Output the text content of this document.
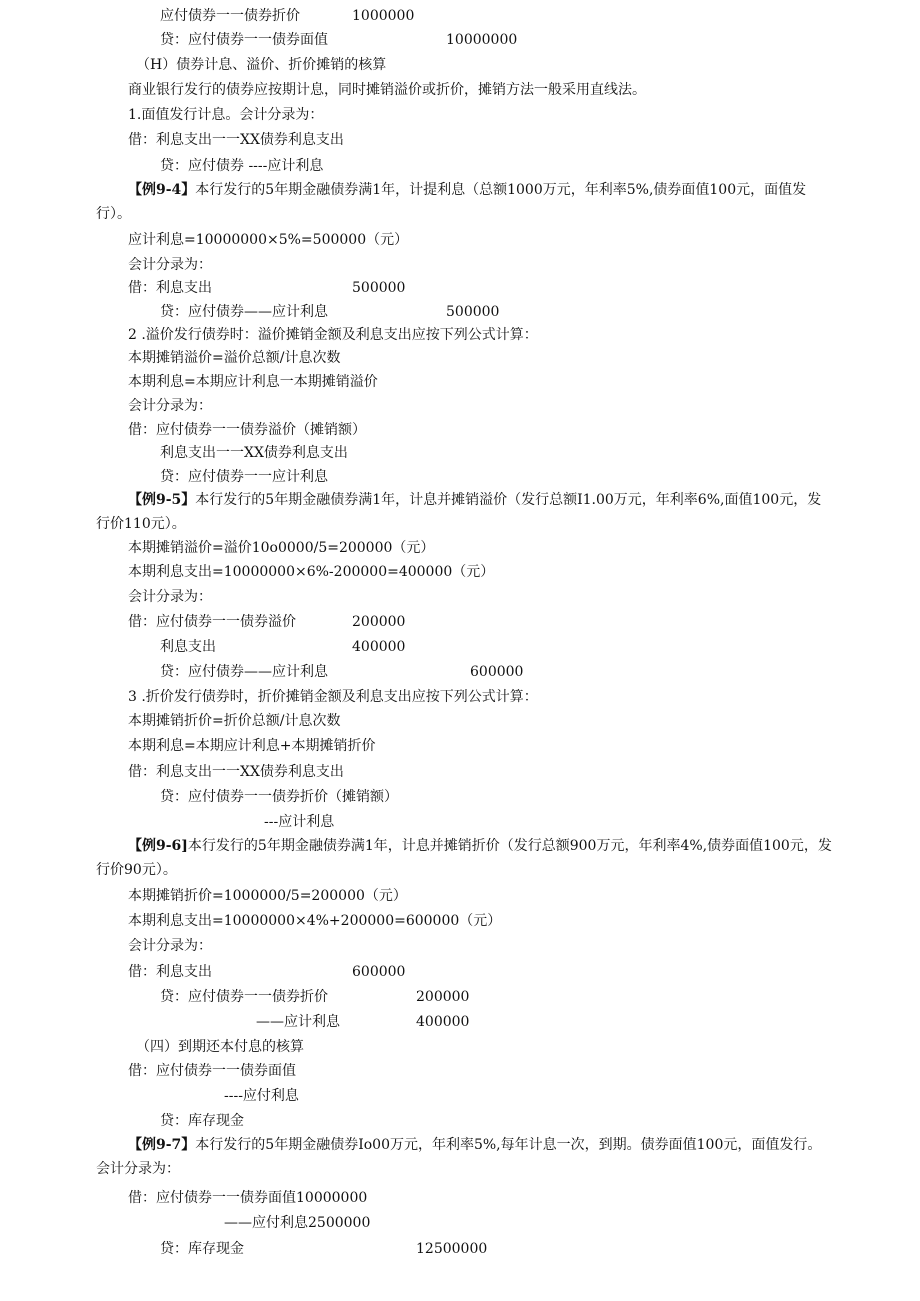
应付债券一一债券折价	1000000
贷：应付债券一一债券面值	10000000
（H）债券计息、溢价、折价摊销的核算
商业银行发行的债券应按期计息，同时摊销溢价或折价，摊销方法一般采用直线法。
1.面值发行计息。会计分录为：
借：利息支出一一XX债券利息支出
贷：应付债券 ----应计利息
【例9-4】本行发行的5年期金融债券满1年，计提利息（总额1000万元，年利率5%,债券面值100元，面值发行）。
应计利息=10000000×5%=500000（元）
会计分录为：
借：利息支出	500000
贷：应付债券——应计利息	500000
2 .溢价发行债券时：溢价摊销金额及利息支出应按下列公式计算：
本期摊销溢价=溢价总额/计息次数
本期利息=本期应计利息一本期摊销溢价
会计分录为：
借：应付债券一一债券溢价（摊销额）
利息支出一一XX债券利息支出
贷：应付债券一一应计利息
【例9-5】本行发行的5年期金融债券满1年，计息并摊销溢价（发行总额I1.00万元，年利率6%,面值100元，发行价110元）。
本期摊销溢价=溢价10o0000/5=200000（元）
本期利息支出=10000000×6%-200000=400000（元）
会计分录为：
借：应付债券一一债券溢价	200000
利息支出	400000
贷：应付债券——应计利息	600000
3 .折价发行债券时，折价摊销金额及利息支出应按下列公式计算：
本期摊销折价=折价总额/计息次数
本期利息=本期应计利息+本期摊销折价
借：利息支出一一XX债券利息支出
贷：应付债券一一债券折价（摊销额）
---应计利息
【例9-6]本行发行的5年期金融债券满1年，计息并摊销折价（发行总额900万元，年利率4%,债券面值100元，发行价90元）。
本期摊销折价=1000000/5=200000（元）
本期利息支出=10000000×4%+200000=600000（元）
会计分录为：
借：利息支出	600000
贷：应付债券一一债券折价	200000
——应计利息	400000
（四）到期还本付息的核算
借：应付债券一一债券面值
----应付利息
贷：库存现金
【例9-7】本行发行的5年期金融债券Io00万元，年利率5%,每年计息一次，到期。债券面值100元，面值发行。会计分录为：
借：应付债券一一债券面值10000000
——应付利息2500000
贷：库存现金	12500000
